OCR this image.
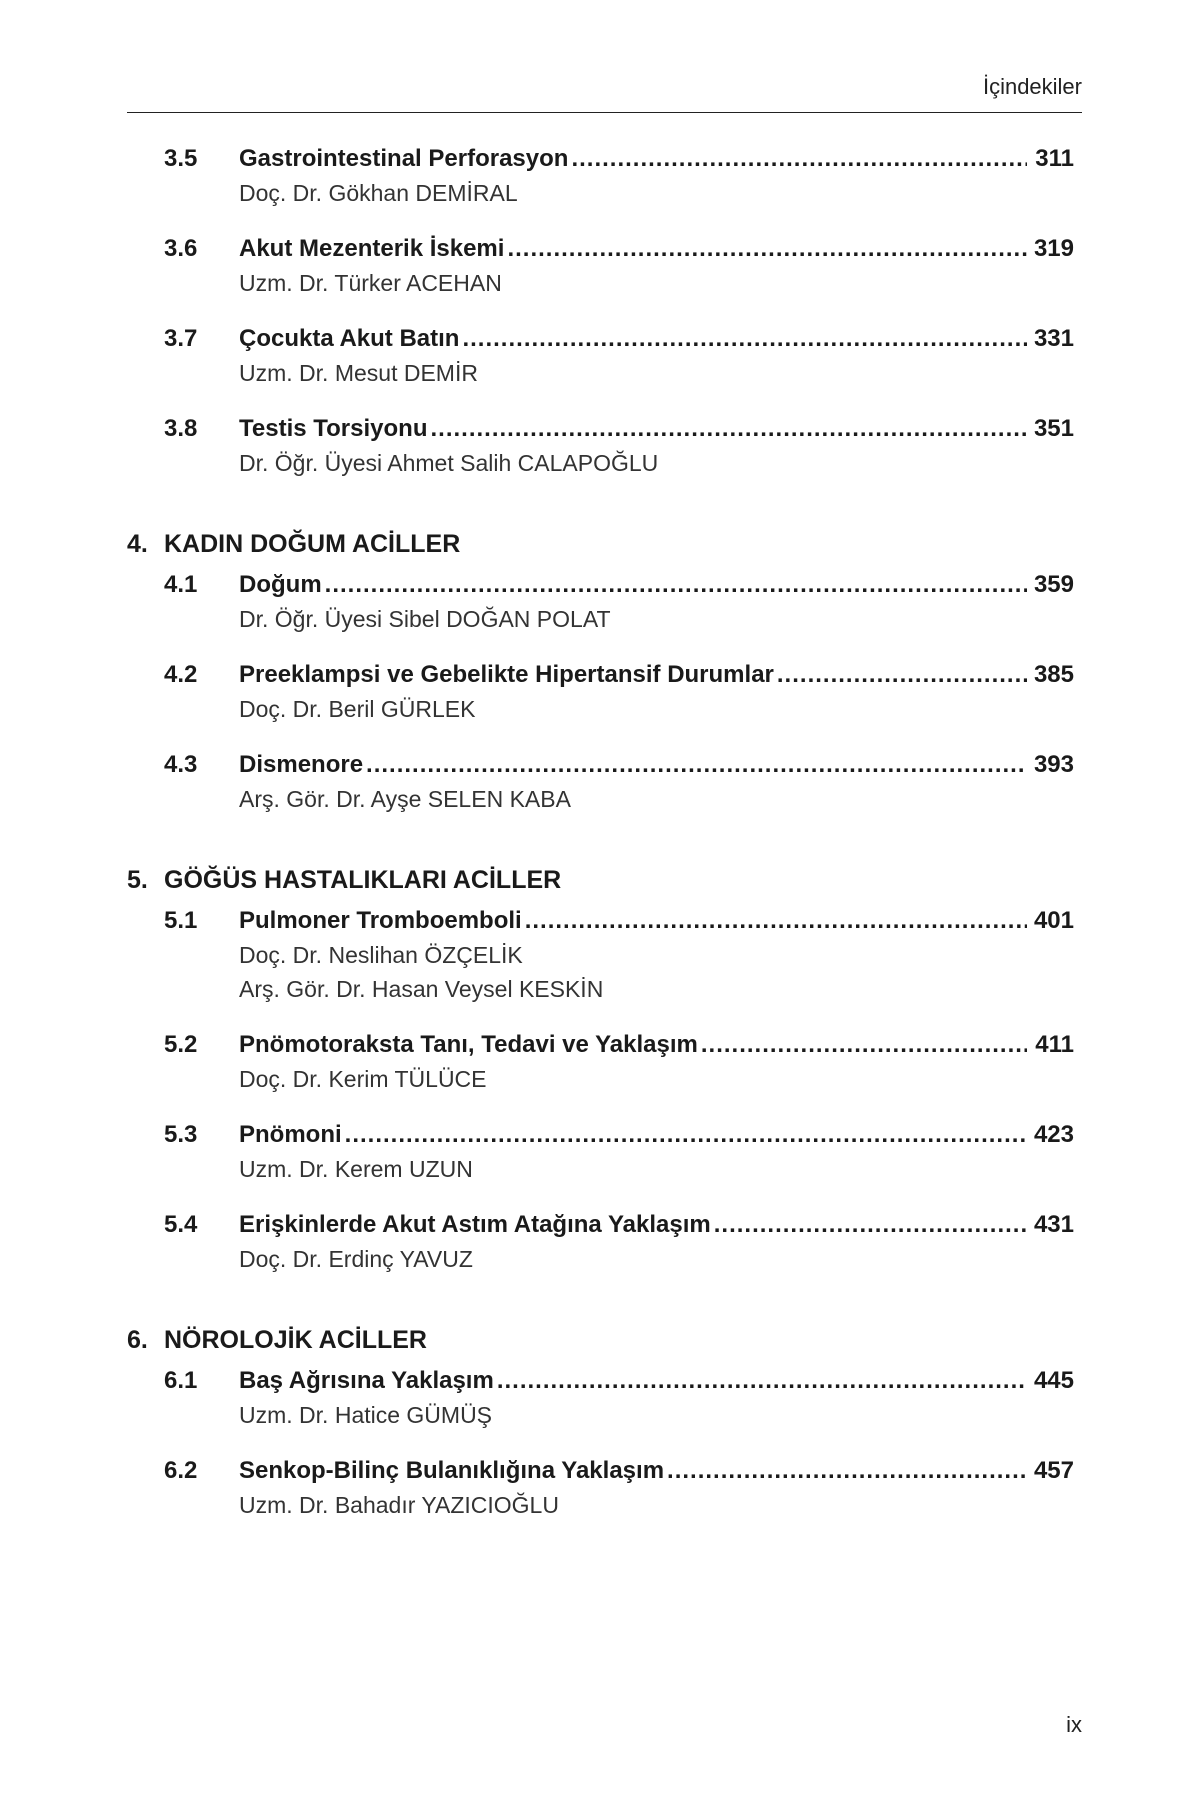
İçindekiler
3.5	Gastrointestinal Perforasyon .....	311
Doç. Dr. Gökhan DEMİRAL
3.6	Akut Mezenterik İskemi .....	319
Uzm. Dr. Türker ACEHAN
3.7	Çocukta Akut Batın .....	331
Uzm. Dr. Mesut DEMİR
3.8	Testis Torsiyonu .....	351
Dr. Öğr. Üyesi Ahmet Salih CALAPOĞLU
4. KADIN DOĞUM ACİLLER
4.1	Doğum .....	359
Dr. Öğr. Üyesi Sibel DOĞAN POLAT
4.2	Preeklampsi ve Gebelikte Hipertansif Durumlar .....	385
Doç. Dr. Beril GÜRLEK
4.3	Dismenore .....	393
Arş. Gör. Dr. Ayşe SELEN KABA
5. GÖĞÜS HASTALIKLARI ACİLLER
5.1	Pulmoner Tromboemboli .....	401
Doç. Dr. Neslihan ÖZÇELİK
Arş. Gör. Dr. Hasan Veysel KESKİN
5.2	Pnömotoraksta Tanı, Tedavi ve Yaklaşım .....	411
Doç. Dr. Kerim TÜLÜCE
5.3	Pnömoni .....	423
Uzm. Dr. Kerem UZUN
5.4	Erişkinlerde Akut Astım Atağına Yaklaşım .....	431
Doç. Dr. Erdinç YAVUZ
6. NÖROLOJİK ACİLLER
6.1	Baş Ağrısına Yaklaşım .....	445
Uzm. Dr. Hatice GÜMÜŞ
6.2	Senkop-Bilinç Bulanıklığına Yaklaşım .....	457
Uzm. Dr. Bahadır YAZICIOĞLU
ix
